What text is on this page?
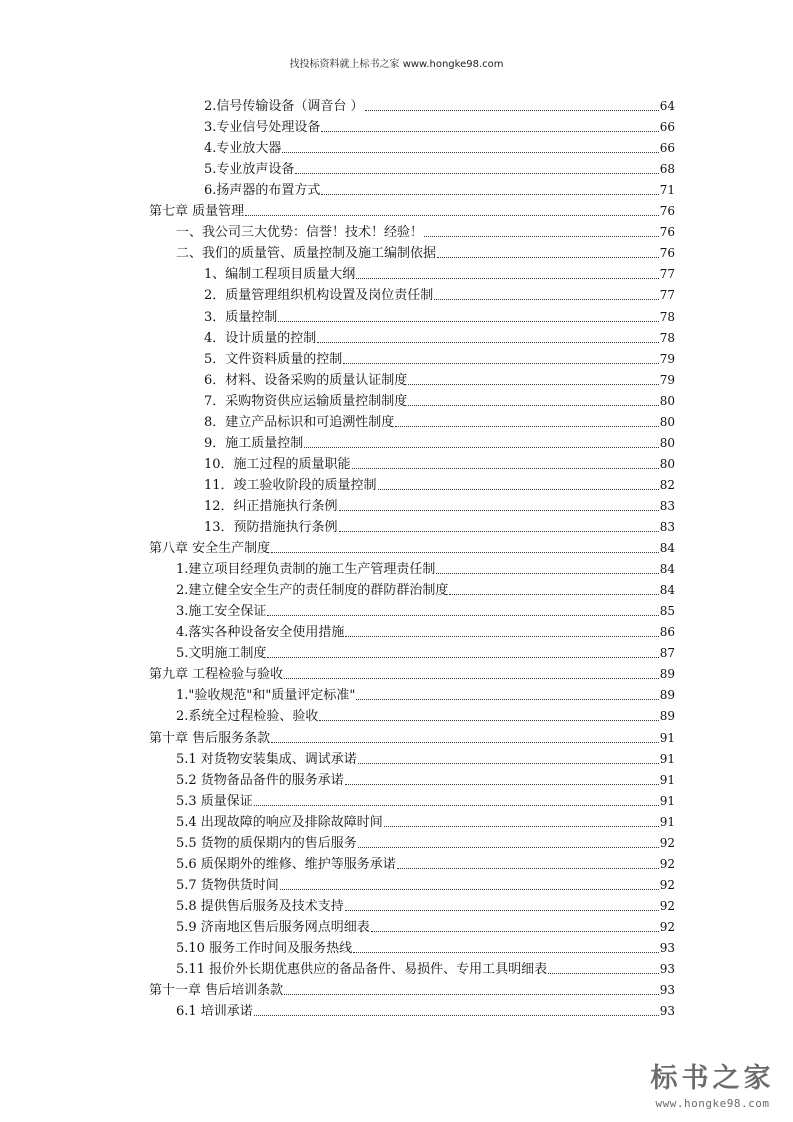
找投标资料就上标书之家 www.hongke98.com
2.信号传输设备（调音台 ）	64
3.专业信号处理设备	66
4.专业放大器	66
5.专业放声设备	68
6.扬声器的布置方式	71
第七章 质量管理	76
一、我公司三大优势：信誉！技术！经验！	76
二、我们的质量管、质量控制及施工编制依据	76
1、编制工程项目质量大纲	77
2．质量管理组织机构设置及岗位责任制	77
3．质量控制	78
4．设计质量的控制	78
5．文件资料质量的控制	79
6．材料、设备采购的质量认证制度	79
7．采购物资供应运输质量控制制度	80
8．建立产品标识和可追溯性制度	80
9．施工质量控制	80
10．施工过程的质量职能	80
11．竣工验收阶段的质量控制	82
12．纠正措施执行条例	83
13．预防措施执行条例	83
第八章 安全生产制度	84
1.建立项目经理负责制的施工生产管理责任制	84
2.建立健全安全生产的责任制度的群防群治制度	84
3.施工安全保证	85
4.落实各种设备安全使用措施	86
5.文明施工制度	87
第九章 工程检验与验收	89
1."验收规范"和"质量评定标准"	89
2.系统全过程检验、验收	89
第十章 售后服务条款	91
5.1 对货物安装集成、调试承诺	91
5.2 货物备品备件的服务承诺	91
5.3 质量保证	91
5.4 出现故障的响应及排除故障时间	91
5.5 货物的质保期内的售后服务	92
5.6 质保期外的维修、维护等服务承诺	92
5.7 货物供货时间	92
5.8 提供售后服务及技术支持	92
5.9 济南地区售后服务网点明细表	92
5.10 服务工作时间及服务热线	93
5.11 报价外长期优惠供应的备品备件、易损件、专用工具明细表	93
第十一章 售后培训条款	93
6.1 培训承诺	93
标书之家
www.hongke98.com
